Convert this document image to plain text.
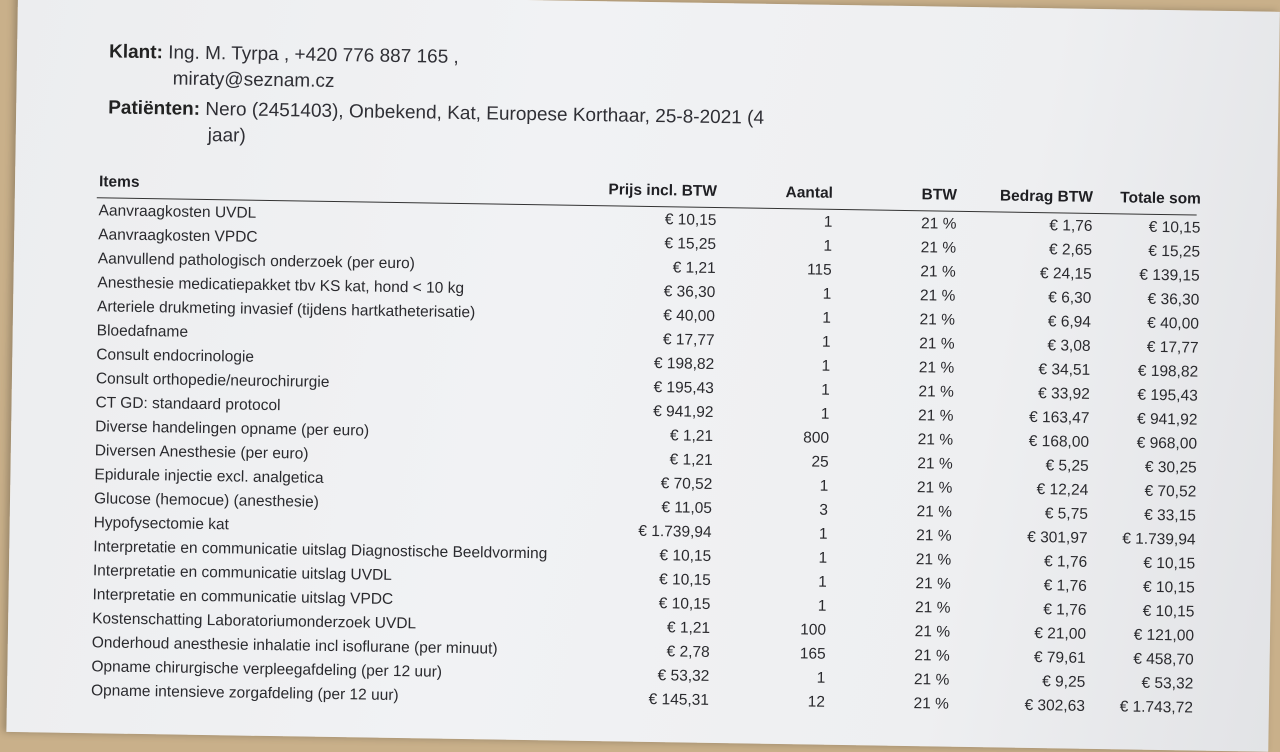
Klant: Ing. M. Tyrpa , +420 776 887 165 ,
miraty@seznam.cz
Patiënten: Nero (2451403), Onbekend, Kat, Europese Korthaar, 25-8-2021 (4
jaar)
Items	Prijs incl. BTW	Aantal	BTW	Bedrag BTW	Totale som
Aanvraagkosten UVDL	€ 10,15	1	21 %	€ 1,76	€ 10,15
Aanvraagkosten VPDC	€ 15,25	1	21 %	€ 2,65	€ 15,25
Aanvullend pathologisch onderzoek (per euro)	€ 1,21	115	21 %	€ 24,15	€ 139,15
Anesthesie medicatiepakket tbv KS kat, hond < 10 kg	€ 36,30	1	21 %	€ 6,30	€ 36,30
Arteriele drukmeting invasief (tijdens hartkatheterisatie)	€ 40,00	1	21 %	€ 6,94	€ 40,00
Bloedafname	€ 17,77	1	21 %	€ 3,08	€ 17,77
Consult endocrinologie	€ 198,82	1	21 %	€ 34,51	€ 198,82
Consult orthopedie/neurochirurgie	€ 195,43	1	21 %	€ 33,92	€ 195,43
CT GD: standaard protocol	€ 941,92	1	21 %	€ 163,47	€ 941,92
Diverse handelingen opname (per euro)	€ 1,21	800	21 %	€ 168,00	€ 968,00
Diversen Anesthesie (per euro)	€ 1,21	25	21 %	€ 5,25	€ 30,25
Epidurale injectie excl. analgetica	€ 70,52	1	21 %	€ 12,24	€ 70,52
Glucose (hemocue) (anesthesie)	€ 11,05	3	21 %	€ 5,75	€ 33,15
Hypofysectomie kat	€ 1.739,94	1	21 %	€ 301,97	€ 1.739,94
Interpretatie en communicatie uitslag Diagnostische Beeldvorming	€ 10,15	1	21 %	€ 1,76	€ 10,15
Interpretatie en communicatie uitslag UVDL	€ 10,15	1	21 %	€ 1,76	€ 10,15
Interpretatie en communicatie uitslag VPDC	€ 10,15	1	21 %	€ 1,76	€ 10,15
Kostenschatting Laboratoriumonderzoek UVDL	€ 1,21	100	21 %	€ 21,00	€ 121,00
Onderhoud anesthesie inhalatie incl isoflurane (per minuut)	€ 2,78	165	21 %	€ 79,61	€ 458,70
Opname chirurgische verpleegafdeling (per 12 uur)	€ 53,32	1	21 %	€ 9,25	€ 53,32
Opname intensieve zorgafdeling (per 12 uur)	€ 145,31	12	21 %	€ 302,63	€ 1.743,72
